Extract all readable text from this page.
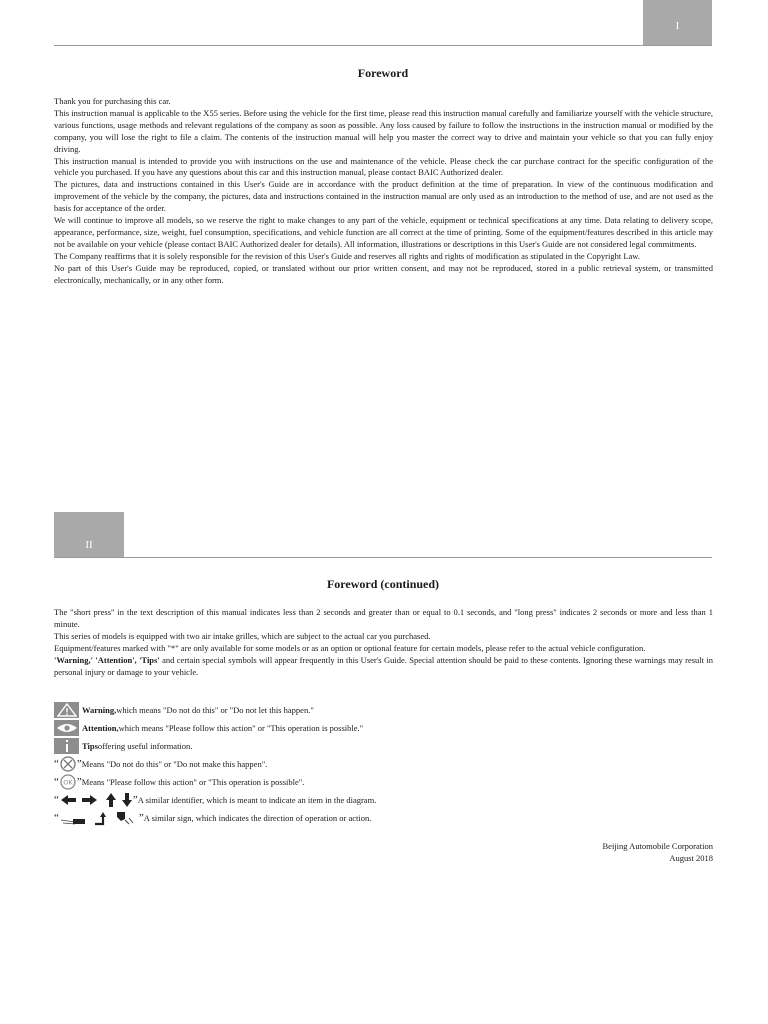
I
Foreword

Thank you for purchasing this car.

This instruction manual is applicable to the X55 series. Before using the vehicle for the first time, please read this instruction manual carefully and familiarize yourself with the vehicle structure, various functions, usage methods and relevant regulations of the company as soon as possible. Any loss caused by failure to follow the instructions in the instruction manual or modified by the company, you will lose the right to file a claim. The contents of the instruction manual will help you master the correct way to drive and maintain your vehicle so that you can fully enjoy driving.

This instruction manual is intended to provide you with instructions on the use and maintenance of the vehicle. Please check the car purchase contract for the specific configuration of the vehicle you purchased. If you have any questions about this car and this instruction manual, please contact BAIC Authorized dealer.

The pictures, data and instructions contained in this User's Guide are in accordance with the product definition at the time of preparation. In view of the continuous modification and improvement of the vehicle by the company, the pictures, data and instructions contained in the instruction manual are only used as an introduction to the method of use, and are not used as the basis for acceptance of the order.

We will continue to improve all models, so we reserve the right to make changes to any part of the vehicle, equipment or technical specifications at any time. Data relating to delivery scope, appearance, performance, size, weight, fuel consumption, specifications, and vehicle function are all correct at the time of printing. Some of the equipment/features described in this article may not be available on your vehicle (please contact BAIC Authorized dealer for details). All information, illustrations or descriptions in this User's Guide are not considered legal commitments.

The Company reaffirms that it is solely responsible for the revision of this User's Guide and reserves all rights and rights of modification as stipulated in the Copyright Law.

No part of this User's Guide may be reproduced, copied, or translated without our prior written consent, and may not be reproduced, stored in a public retrieval system, or transmitted electronically, mechanically, or in any other form.

II
Foreword (continued)

The "short press" in the text description of this manual indicates less than 2 seconds and greater than or equal to 0.1 seconds, and "long press" indicates 2 seconds or more and less than 1 minute.

This series of models is equipped with two air intake grilles, which are subject to the actual car you purchased.

Equipment/features marked with "*" are only available for some models or as an option or optional feature for certain models, please refer to the actual vehicle configuration.

'Warning,' 'Attention', 'Tips' and certain special symbols will appear frequently in this User's Guide. Special attention should be paid to these contents. Ignoring these warnings may result in personal injury or damage to your vehicle.

Warning, which means "Do not do this" or "Do not let this happen."
Attention, which means "Please follow this action" or "This operation is possible."
Tips offering useful information.
“ ” Means "Do not do this" or "Do not make this happen".
“ OK ” Means "Please follow this action" or "This operation is possible".
“	” A similar identifier, which is meant to indicate an item in the diagram.
“	” A similar sign, which indicates the direction of operation or action.
Beijing Automobile Corporation
August 2018
